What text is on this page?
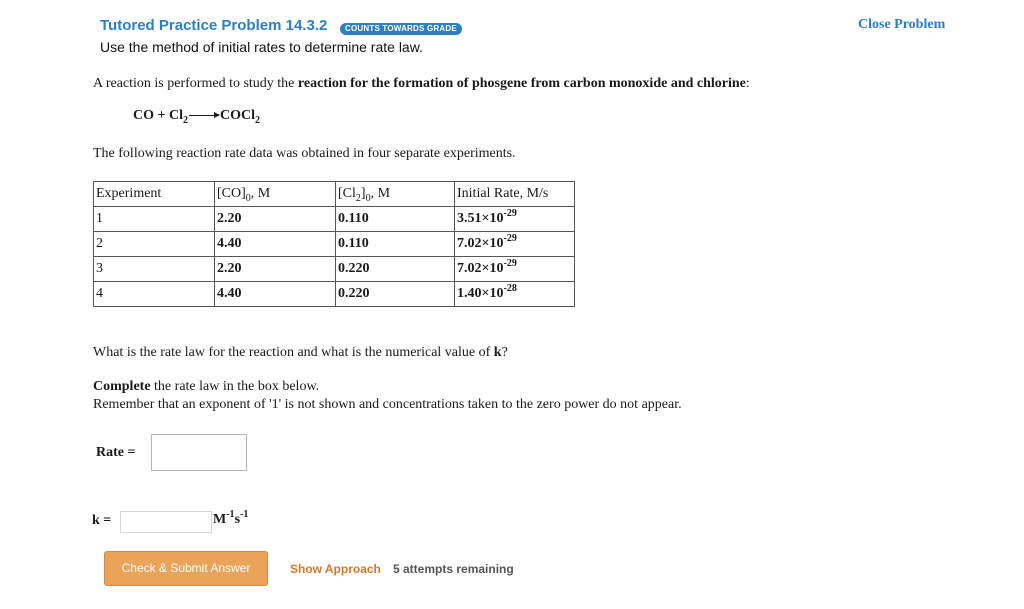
Tutored Practice Problem 14.3.2	COUNTS TOWARDS GRADE
Use the method of initial rates to determine rate law.
Close Problem
A reaction is performed to study the reaction for the formation of phosgene from carbon monoxide and chlorine:
CO + $Cl_2\to COCl_2$
The following reaction rate data was obtained in four separate experiments.
Experiment	$[CO]_0$, M	$[Cl_2]_0$, M	Initial Rate, M/s
1	2.20	0.110	$3.51\times 10^{-29}$
2	4.40	0.110	$7.02\times 10^{-29}$
3	2.20	0.220	$7.02\times 10^{-29}$
4	4.40	0.220	$1.40\times 10^{-28}$
What is the rate law for the reaction and what is the numerical value of k?
Complete the rate law in the box below.
Remember that an exponent of '1' is not shown and concentrations taken to the zero power do not appear.
Rate =
k =	$M^{-1}s^{-1}$
Check & Submit Answer	Show Approach 5 attempts remaining
